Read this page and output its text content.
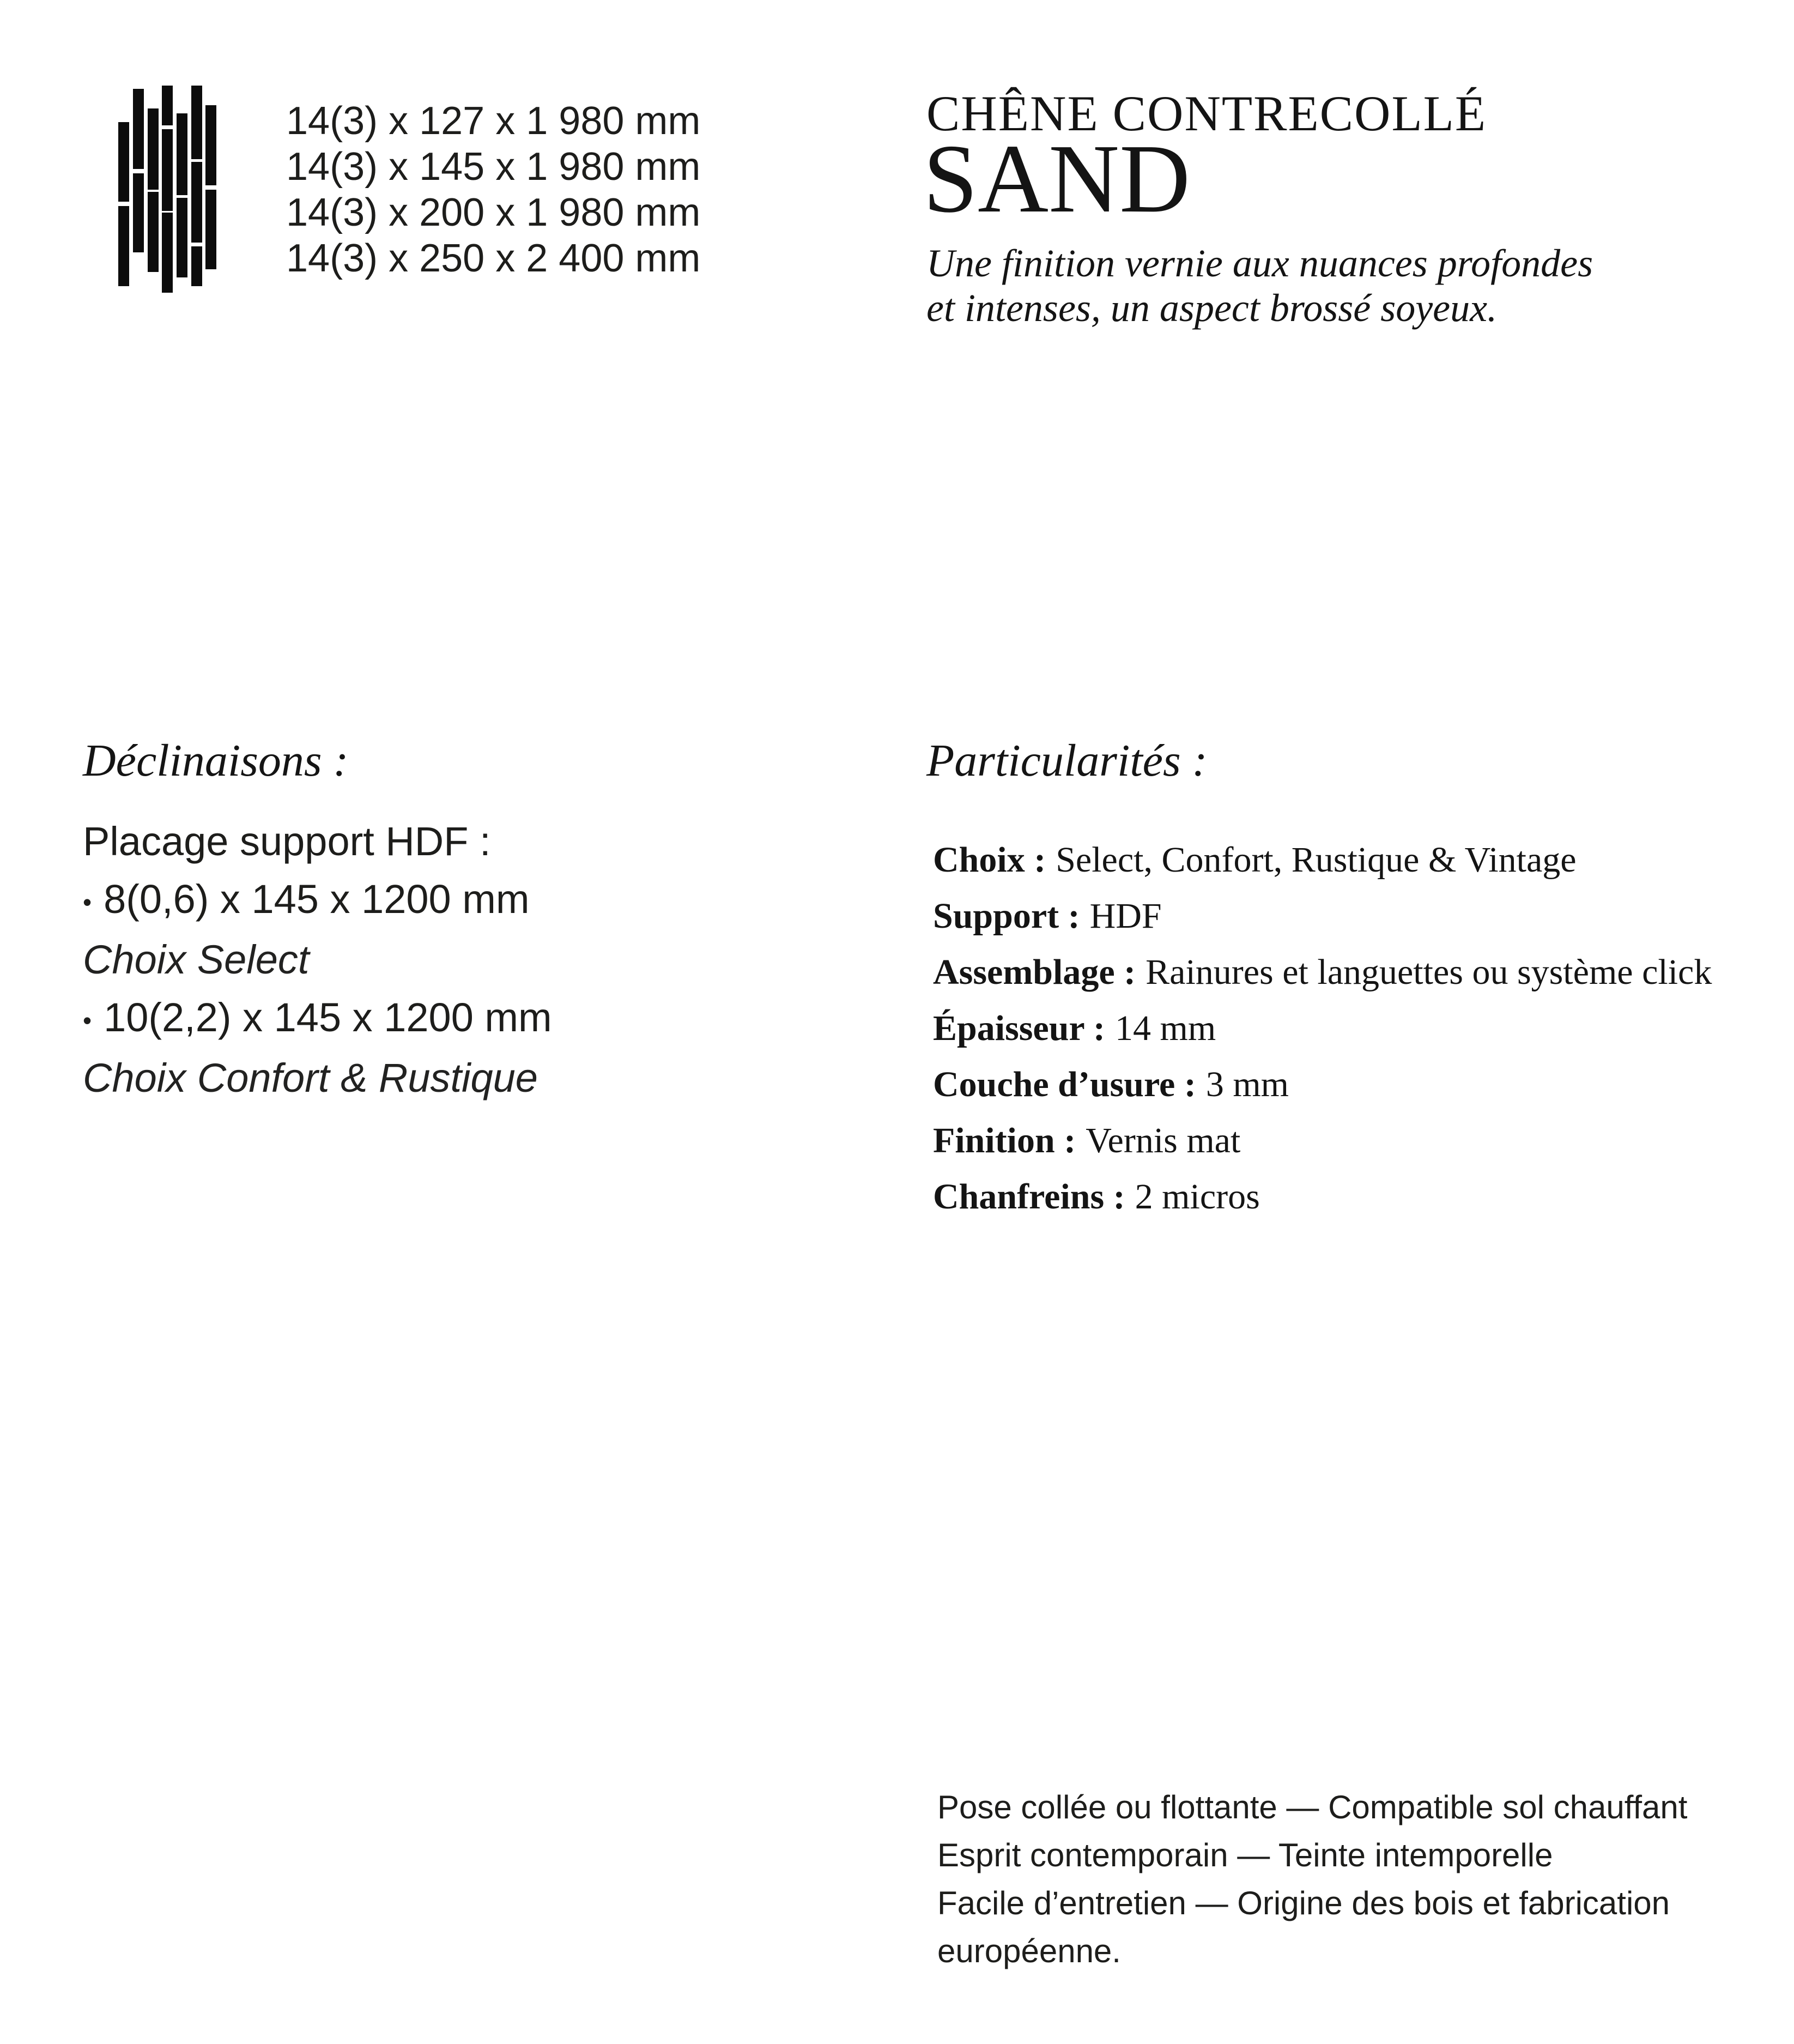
14(3) x 127 x 1 980 mm
14(3) x 145 x 1 980 mm
14(3) x 200 x 1 980 mm
14(3) x 250 x 2 400 mm
CHÊNE CONTRECOLLÉ
SAND
Une finition vernie aux nuances profondes
et intenses, un aspect brossé soyeux.
Déclinaisons :
Placage support HDF :
• 8(0,6) x 145 x 1200 mm
Choix Select
• 10(2,2) x 145 x 1200 mm
Choix Confort & Rustique
Particularités :
Choix : Select, Confort, Rustique & Vintage
Support : HDF
Assemblage : Rainures et languettes ou système click
Épaisseur : 14 mm
Couche d’usure : 3 mm
Finition : Vernis mat
Chanfreins : 2 micros
Pose collée ou flottante — Compatible sol chauffant
Esprit contemporain — Teinte intemporelle
Facile d’entretien — Origine des bois et fabrication
européenne.
